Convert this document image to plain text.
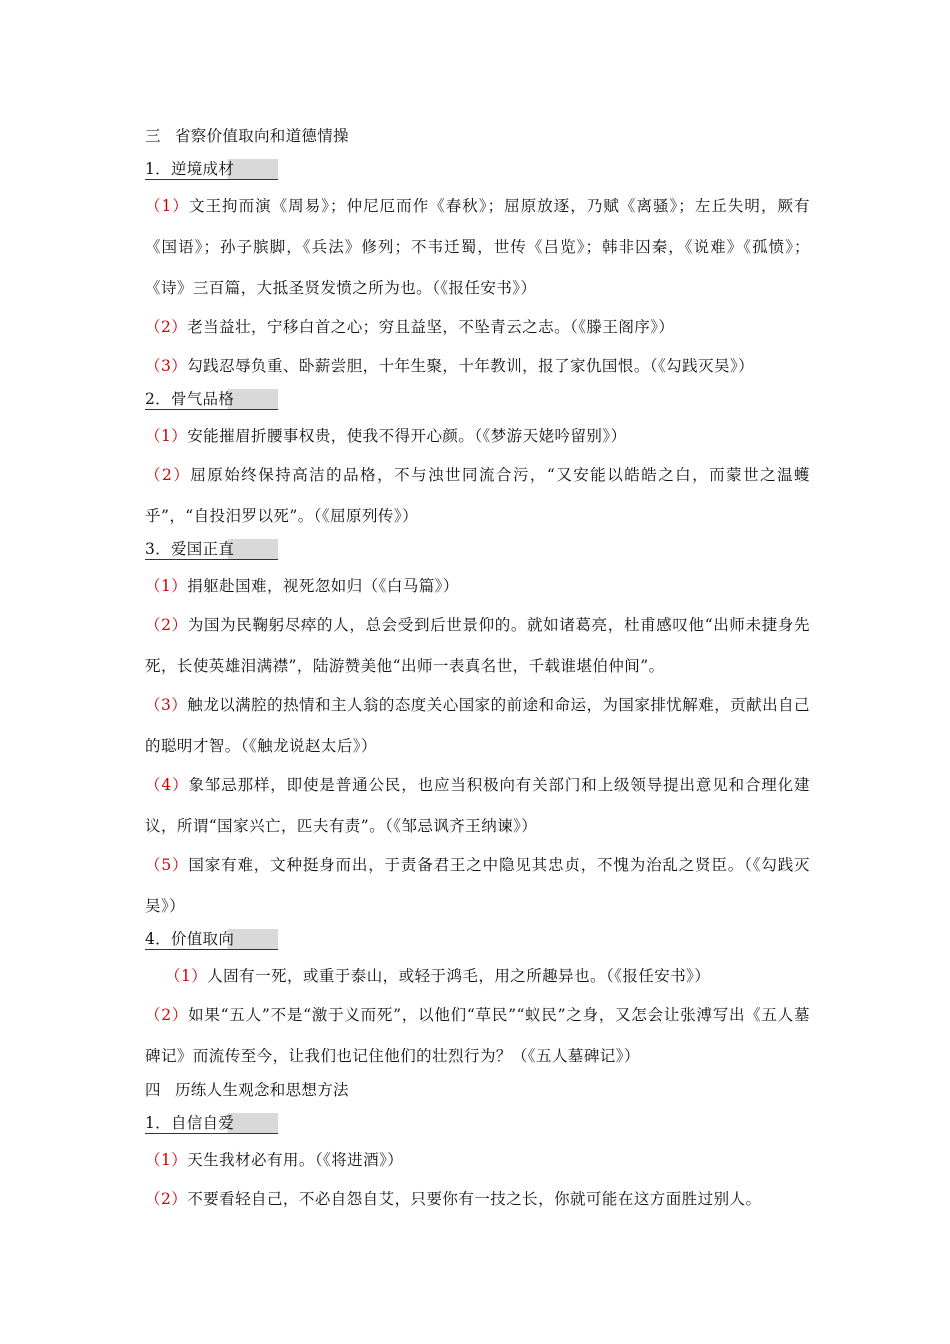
三 省察价值取向和道德情操
1．逆境成材
（1）文王拘而演《周易》；仲尼厄而作《春秋》；屈原放逐，乃赋《离骚》；左丘失明，厥有《国语》；孙子膑脚，《兵法》修列；不韦迁蜀，世传《吕览》；韩非囚秦，《说难》《孤愤》；《诗》三百篇，大抵圣贤发愤之所为也。（《报任安书》）
（2）老当益壮，宁移白首之心；穷且益坚，不坠青云之志。（《滕王阁序》）
（3）勾践忍辱负重、卧薪尝胆，十年生聚，十年教训，报了家仇国恨。（《勾践灭吴》）
2．骨气品格
（1）安能摧眉折腰事权贵，使我不得开心颜。（《梦游天姥吟留别》）
（2）屈原始终保持高洁的品格，不与浊世同流合污，“又安能以皓皓之白，而蒙世之温蠖乎”，“自投汨罗以死”。（《屈原列传》）
3．爱国正直
（1）捐躯赴国难，视死忽如归（《白马篇》）
（2）为国为民鞠躬尽瘁的人，总会受到后世景仰的。就如诸葛亮，杜甫感叹他“出师未捷身先死，长使英雄泪满襟”，陆游赞美他“出师一表真名世，千载谁堪伯仲间”。
（3）触龙以满腔的热情和主人翁的态度关心国家的前途和命运，为国家排忧解难，贡献出自己的聪明才智。（《触龙说赵太后》）
（4）象邹忌那样，即使是普通公民，也应当积极向有关部门和上级领导提出意见和合理化建议，所谓“国家兴亡，匹夫有责”。（《邹忌讽齐王纳谏》）
（5）国家有难，文种挺身而出，于责备君王之中隐见其忠贞，不愧为治乱之贤臣。（《勾践灭吴》）
4．价值取向
（1）人固有一死，或重于泰山，或轻于鸿毛，用之所趣异也。（《报任安书》）
（2）如果“五人”不是“激于义而死”，以他们“草民”“蚁民”之身，又怎会让张溥写出《五人墓碑记》而流传至今，让我们也记住他们的壮烈行为？（《五人墓碑记》）
四 历练人生观念和思想方法
1．自信自爱
（1）天生我材必有用。（《将进酒》）
（2）不要看轻自己，不必自怨自艾，只要你有一技之长，你就可能在这方面胜过别人。
